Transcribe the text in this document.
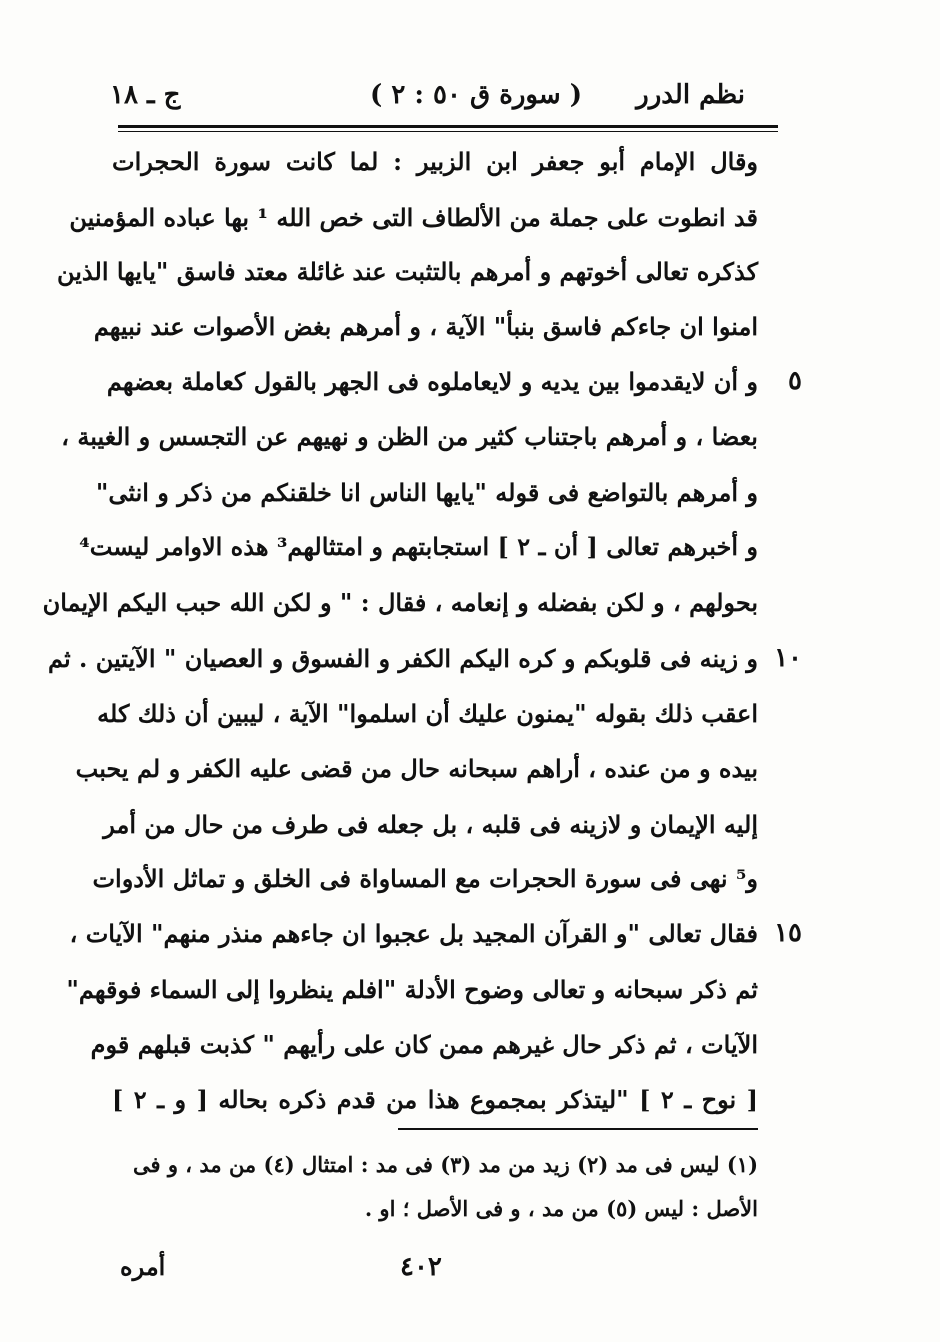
نظم الدرر
( سورة ق ٥٠ : ٢ )
ج ـ ١٨
وقال الإمام أبو جعفر ابن الزبير : لما كانت سورة الحجرات
قد انطوت على جملة من الألطاف التى خص الله ¹ بها عباده المؤمنين
كذكره تعالى أخوتهم و أمرهم بالتثبت عند غائلة معتد فاسق "يايها الذين
امنوا ان جاءكم فاسق بنبأ" الآية ، و أمرهم بغض الأصوات عند نبيهم
و أن لايقدموا بين يديه و لايعاملوه فى الجهر بالقول كعاملة بعضهم
بعضا ، و أمرهم باجتناب كثير من الظن و نهيهم عن التجسس و الغيبة ،
و أمرهم بالتواضع فى قوله "يايها الناس انا خلقنكم من ذكر و انثى"
و أخبرهم تعالى [ أن ـ ٢ ] استجابتهم و امتثالهم³ هذه الاوامر ليست⁴
بحولهم ، و لكن بفضله و إنعامه ، فقال : " و لكن الله حبب اليكم الإيمان
و زينه فى قلوبكم و كره اليكم الكفر و الفسوق و العصيان " الآيتين . ثم
اعقب ذلك بقوله "يمنون عليك أن اسلموا" الآية ، ليبين أن ذلك كله
بيده و من عنده ، أراهم سبحانه حال من قضى عليه الكفر و لم يحبب
إليه الإيمان و لازينه فى قلبه ، بل جعله فى طرف من حال من أمر
و⁵ نهى فى سورة الحجرات مع المساواة فى الخلق و تماثل الأدوات
فقال تعالى "و القرآن المجيد بل عجبوا ان جاءهم منذر منهم" الآيات ،
ثم ذكر سبحانه و تعالى وضوح الأدلة "افلم ينظروا إلى السماء فوقهم"
الآيات ، ثم ذكر حال غيرهم ممن كان على رأيهم " كذبت قبلهم قوم
[ نوح ـ ٢ ] "ليتذكر بمجموع هذا من قدم ذكره بحاله [ و ـ ٢ ]
٥
١٠
١٥
(١) ليس فى مد (٢) زيد من مد (٣) فى مد : امتثال (٤) من مد ، و فى
الأصل : ليس (٥) من مد ، و فى الأصل ؛ او .
٤٠٢
أمره
